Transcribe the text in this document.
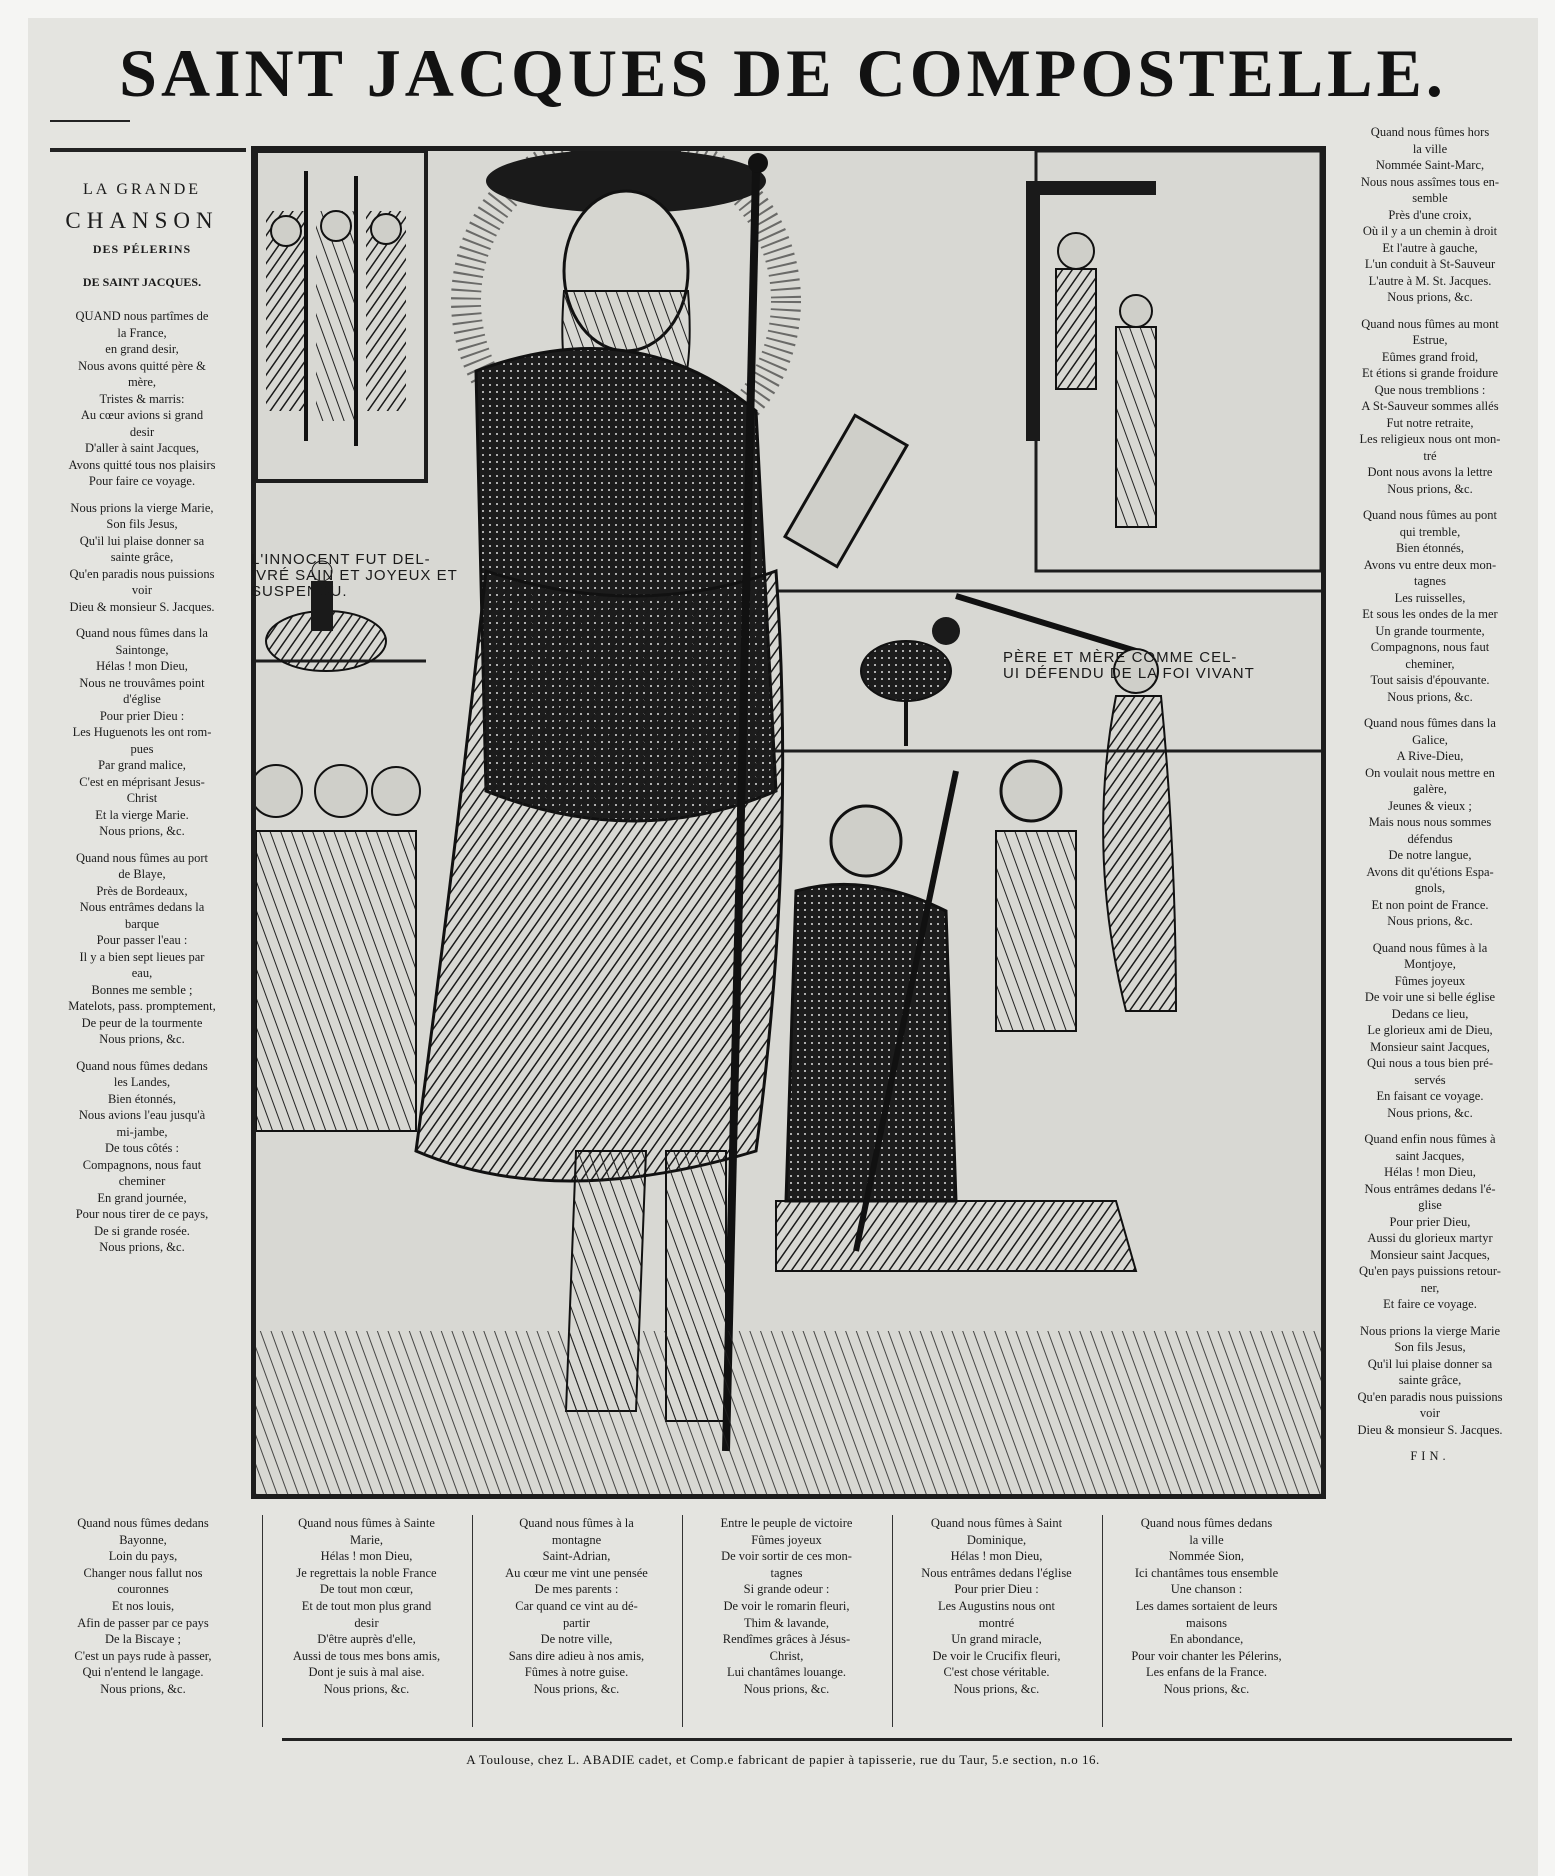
SAINT JACQUES DE COMPOSTELLE.
LA GRANDE
CHANSON
DES PÉLERINS
DE SAINT JACQUES.

QUAND nous partîmes de
la France,
en grand desir,
Nous avons quitté père &
mère,
Tristes & marris:
Au cœur avions si grand
desir
D'aller à saint Jacques,
Avons quitté tous nos plaisirs
Pour faire ce voyage.

Nous prions la vierge Marie,
Son fils Jesus,
Qu'il lui plaise donner sa
sainte grâce,
Qu'en paradis nous puissions
voir
Dieu & monsieur S. Jacques.

Quand nous fûmes dans la
Saintonge,
Hélas ! mon Dieu,
Nous ne trouvâmes point
d'église
Pour prier Dieu :
Les Huguenots les ont rom-
pues
Par grand malice,
C'est en méprisant Jesus-
Christ
Et la vierge Marie.
Nous prions, &c.

Quand nous fûmes au port
de Blaye,
Près de Bordeaux,
Nous entrâmes dedans la
barque
Pour passer l'eau :
Il y a bien sept lieues par
eau,
Bonnes me semble ;
Matelots, pass. promptement,
De peur de la tourmente
Nous prions, &c.

Quand nous fûmes dedans
les Landes,
Bien étonnés,
Nous avions l'eau jusqu'à
mi-jambe,
De tous côtés :
Compagnons, nous faut
cheminer
En grand journée,
Pour nous tirer de ce pays,
De si grande rosée.
Nous prions, &c.

L'INNOCENT FUT DEL-
IVRÉ SAIN ET JOYEUX ET
SUSPENDU.
PÈRE ET MÈRE COMME CEL-
UI DÉFENDU DE LA FOI VIVANT

Quand nous fûmes hors
la ville
Nommée Saint-Marc,
Nous nous assîmes tous en-
semble
Près d'une croix,
Où il y a un chemin à droit
Et l'autre à gauche,
L'un conduit à St-Sauveur
L'autre à M. St. Jacques.
Nous prions, &c.

Quand nous fûmes au mont
Estrue,
Eûmes grand froid,
Et étions si grande froidure
Que nous tremblions :
A St-Sauveur sommes allés
Fut notre retraite,
Les religieux nous ont mon-
tré
Dont nous avons la lettre
Nous prions, &c.

Quand nous fûmes au pont
qui tremble,
Bien étonnés,
Avons vu entre deux mon-
tagnes
Les ruisselles,
Et sous les ondes de la mer
Un grande tourmente,
Compagnons, nous faut
cheminer,
Tout saisis d'épouvante.
Nous prions, &c.

Quand nous fûmes dans la
Galice,
A Rive-Dieu,
On voulait nous mettre en
galère,
Jeunes & vieux ;
Mais nous nous sommes
défendus
De notre langue,
Avons dit qu'étions Espa-
gnols,
Et non point de France.
Nous prions, &c.

Quand nous fûmes à la
Montjoye,
Fûmes joyeux
De voir une si belle église
Dedans ce lieu,
Le glorieux ami de Dieu,
Monsieur saint Jacques,
Qui nous a tous bien pré-
servés
En faisant ce voyage.
Nous prions, &c.

Quand enfin nous fûmes à
saint Jacques,
Hélas ! mon Dieu,
Nous entrâmes dedans l'é-
glise
Pour prier Dieu,
Aussi du glorieux martyr
Monsieur saint Jacques,
Qu'en pays puissions retour-
ner,
Et faire ce voyage.

Nous prions la vierge Marie
Son fils Jesus,
Qu'il lui plaise donner sa
sainte grâce,
Qu'en paradis nous puissions
voir
Dieu & monsieur S. Jacques.

FIN.

Quand nous fûmes dedans
Bayonne,
Loin du pays,
Changer nous fallut nos
couronnes
Et nos louis,
Afin de passer par ce pays
De la Biscaye ;
C'est un pays rude à passer,
Qui n'entend le langage.
Nous prions, &c.
Quand nous fûmes à Sainte
Marie,
Hélas ! mon Dieu,
Je regrettais la noble France
De tout mon cœur,
Et de tout mon plus grand
desir
D'être auprès d'elle,
Aussi de tous mes bons amis,
Dont je suis à mal aise.
Nous prions, &c.
Quand nous fûmes à la
montagne
Saint-Adrian,
Au cœur me vint une pensée
De mes parents :
Car quand ce vint au dé-
partir
De notre ville,
Sans dire adieu à nos amis,
Fûmes à notre guise.
Nous prions, &c.
Entre le peuple de victoire
Fûmes joyeux
De voir sortir de ces mon-
tagnes
Si grande odeur :
De voir le romarin fleuri,
Thim & lavande,
Rendîmes grâces à Jésus-
Christ,
Lui chantâmes louange.
Nous prions, &c.
Quand nous fûmes à Saint
Dominique,
Hélas ! mon Dieu,
Nous entrâmes dedans l'église
Pour prier Dieu :
Les Augustins nous ont
montré
Un grand miracle,
De voir le Crucifix fleuri,
C'est chose véritable.
Nous prions, &c.
Quand nous fûmes dedans
la ville
Nommée Sion,
Ici chantâmes tous ensemble
Une chanson :
Les dames sortaient de leurs
maisons
En abondance,
Pour voir chanter les Pélerins,
Les enfans de la France.
Nous prions, &c.
A Toulouse, chez L. ABADIE cadet, et Comp.e fabricant de papier à tapisserie, rue du Taur, 5.e section, n.o 16.
